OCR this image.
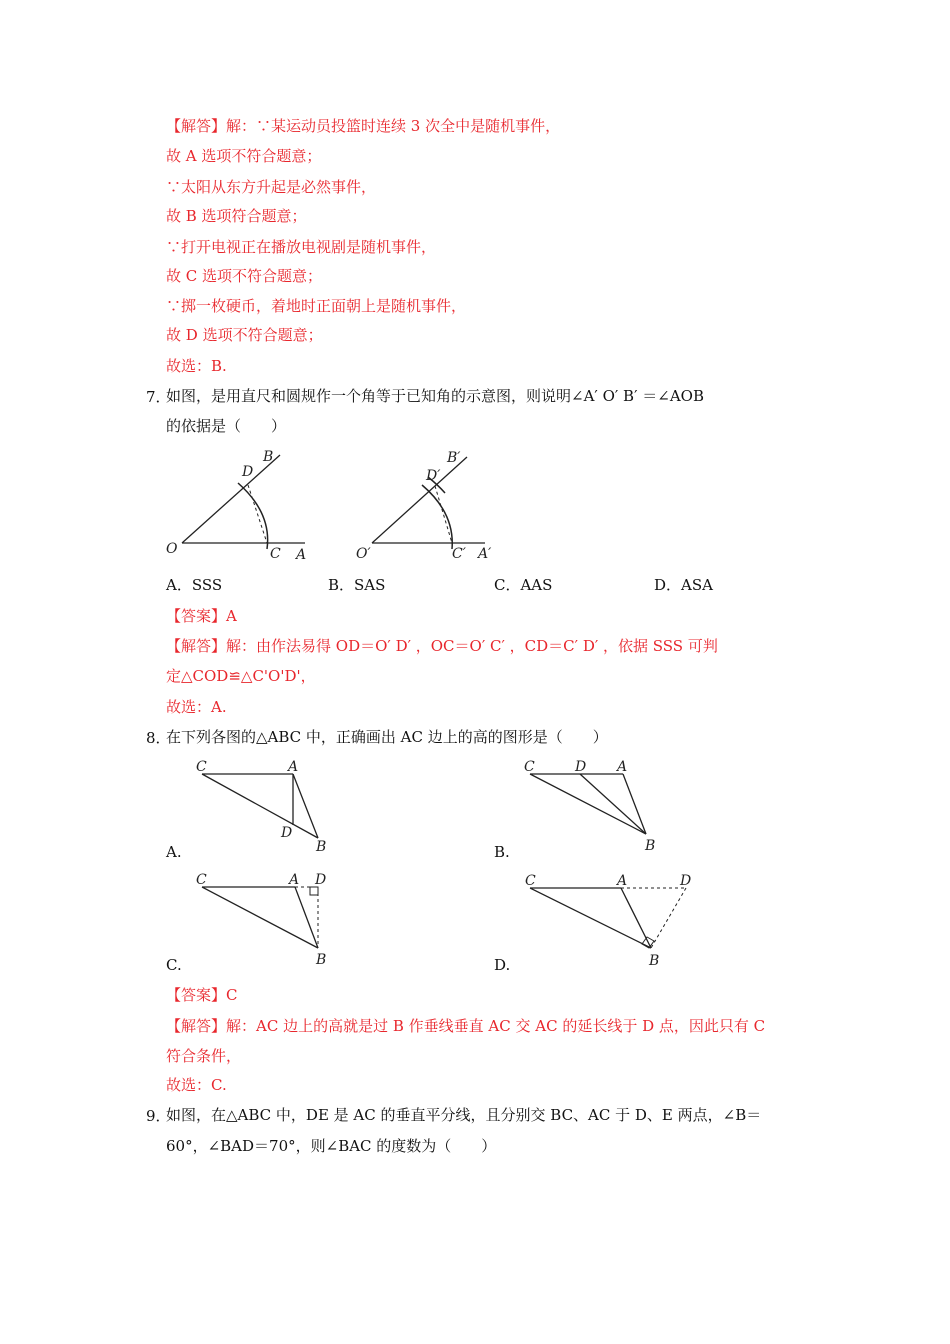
【解答】解：∵某运动员投篮时连续 3 次全中是随机事件，
故 A 选项不符合题意；
∵太阳从东方升起是必然事件，
故 B 选项符合题意；
∵打开电视正在播放电视剧是随机事件，
故 C 选项不符合题意；
∵掷一枚硬币，着地时正面朝上是随机事件，
故 D 选项不符合题意；
故选：B.
7．
如图，是用直尺和圆规作一个角等于已知角的示意图，则说明∠A′ O′ B′ ＝∠AOB
的依据是（　　）
O	A
B
C
D
O′	A′
B′
C′
D′
A．SSS	B．SAS	C．AAS	D．ASA
【答案】A
【解答】解：由作法易得 OD＝O′ D′ ，OC＝O′ C′ ，CD＝C′ D′ ，依据 SSS 可判
定△COD≌△C'O'D'，
故选：A.
8．
在下列各图的△ABC 中，正确画出 AC 边上的高的图形是（　　）
C	A
D
B
C	D A
B
A.	B.
C	A D
B
C	A	D
B
C.	D.
【答案】C
【解答】解：AC 边上的高就是过 B 作垂线垂直 AC 交 AC 的延长线于 D 点，因此只有 C
符合条件，
故选：C.
9．
如图，在△ABC 中，DE 是 AC 的垂直平分线，且分别交 BC、AC 于 D、E 两点，∠B＝
60°，∠BAD＝70°，则∠BAC 的度数为（　　）
